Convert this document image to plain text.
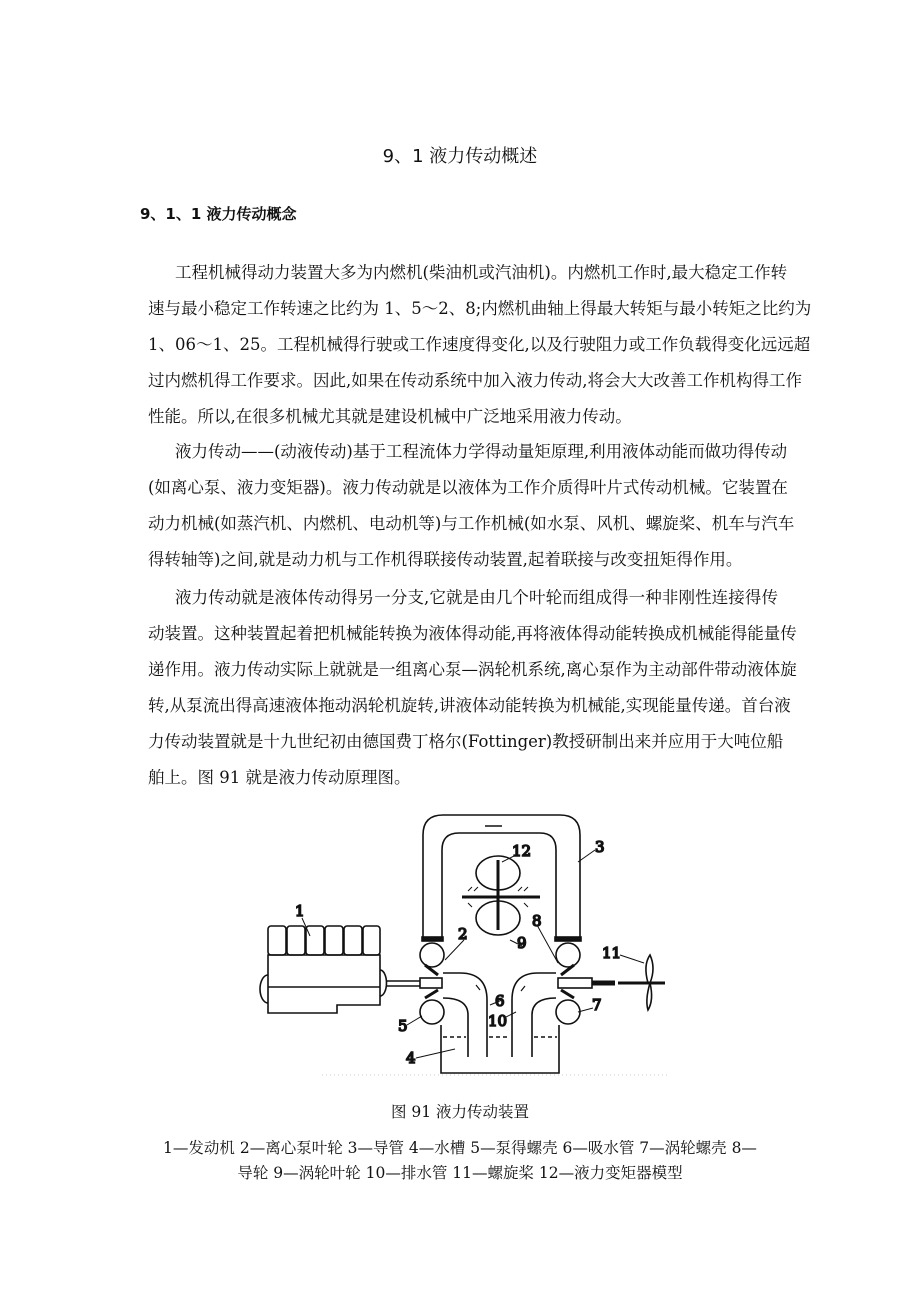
9、1 液力传动概述
9、1、1 液力传动概念
工程机械得动力装置大多为内燃机(柴油机或汽油机)。内燃机工作时,最大稳定工作转
速与最小稳定工作转速之比约为 1、5～2、8;内燃机曲轴上得最大转矩与最小转矩之比约为
1、06～1、25。工程机械得行驶或工作速度得变化,以及行驶阻力或工作负载得变化远远超
过内燃机得工作要求。因此,如果在传动系统中加入液力传动,将会大大改善工作机构得工作
性能。所以,在很多机械尤其就是建设机械中广泛地采用液力传动。
液力传动——(动液传动)基于工程流体力学得动量矩原理,利用液体动能而做功得传动
(如离心泵、液力变矩器)。液力传动就是以液体为工作介质得叶片式传动机械。它装置在
动力机械(如蒸汽机、内燃机、电动机等)与工作机械(如水泵、风机、螺旋桨、机车与汽车
得转轴等)之间,就是动力机与工作机得联接传动装置,起着联接与改变扭矩得作用。
液力传动就是液体传动得另一分支,它就是由几个叶轮而组成得一种非刚性连接得传
动装置。这种装置起着把机械能转换为液体得动能,再将液体得动能转换成机械能得能量传
递作用。液力传动实际上就就是一组离心泵—涡轮机系统,离心泵作为主动部件带动液体旋
转,从泵流出得高速液体拖动涡轮机旋转,讲液体动能转换为机械能,实现能量传递。首台液
力传动装置就是十九世纪初由德国费丁格尔(Fottinger)教授研制出来并应用于大吨位船
舶上。图 91 就是液力传动原理图。
1
2
3
4
5
6	7
8
9
10
11
12
图 91 液力传动装置
1—发动机 2—离心泵叶轮 3—导管 4—水槽 5—泵得螺壳 6—吸水管 7—涡轮螺壳 8—
导轮 9—涡轮叶轮 10—排水管 11—螺旋桨 12—液力变矩器模型
